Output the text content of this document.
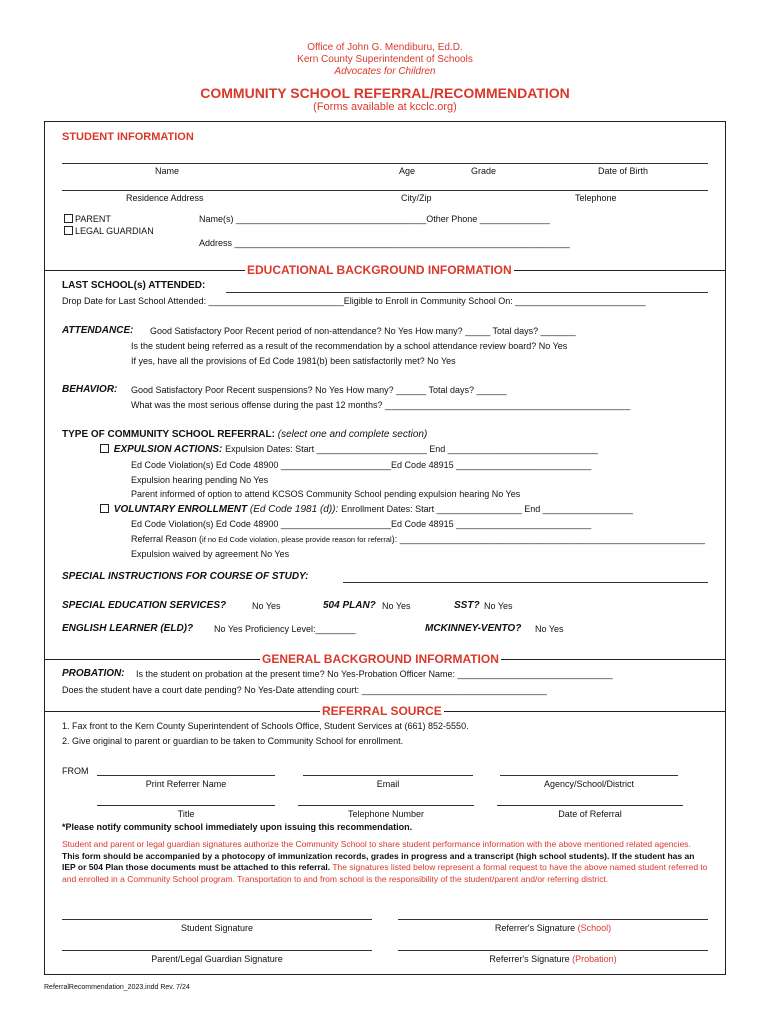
Office of John G. Mendiburu, Ed.D.
Kern County Superintendent of Schools
Advocates for Children
COMMUNITY SCHOOL REFERRAL/RECOMMENDATION
(Forms available at kcclc.org)
STUDENT INFORMATION
Name	Age	Grade	Date of Birth
Residence Address	City/Zip	Telephone
PARENT
LEGAL GUARDIAN
Name(s) ______________________________________Other Phone ______________
Address ___________________________________________________________________
EDUCATIONAL BACKGROUND INFORMATION
LAST SCHOOL(s) ATTENDED:
Drop Date for Last School Attended: ___________________________Eligible to Enroll in Community School On: __________________________
ATTENDANCE: Good Satisfactory Poor Recent period of non-attendance? No Yes How many? _____ Total days? _______
Is the student being referred as a result of the recommendation by a school attendance review board? No Yes
If yes, have all the provisions of Ed Code 1981(b) been satisfactorily met? No Yes
BEHAVIOR: Good Satisfactory Poor Recent suspensions? No Yes How many? ______ Total days? ______
What was the most serious offense during the past 12 months? _________________________________________________
TYPE OF COMMUNITY SCHOOL REFERRAL: (select one and complete section)
EXPULSION ACTIONS: Expulsion Dates: Start ______________________ End ______________________________
Ed Code Violation(s) Ed Code 48900 ______________________Ed Code 48915 ___________________________
Expulsion hearing pending No Yes
Parent informed of option to attend KCSOS Community School pending expulsion hearing No Yes
VOLUNTARY ENROLLMENT (Ed Code 1981 (d)): Enrollment Dates: Start _________________ End __________________
Ed Code Violation(s) Ed Code 48900 ______________________Ed Code 48915 ___________________________
Referral Reason (if no Ed Code violation, please provide reason for referral): _____________________________________________________________
Expulsion waived by agreement No Yes
SPECIAL INSTRUCTIONS FOR COURSE OF STUDY:
SPECIAL EDUCATION SERVICES?	No Yes	504 PLAN? No Yes	SST? No Yes
ENGLISH LEARNER (ELD)? No Yes Proficiency Level:________	MCKINNEY-VENTO? No Yes
GENERAL BACKGROUND INFORMATION
PROBATION: Is the student on probation at the present time? No Yes-Probation Officer Name: _______________________________
Does the student have a court date pending? No Yes-Date attending court: _____________________________________
REFERRAL SOURCE
1. Fax front to the Kern County Superintendent of Schools Office, Student Services at (661) 852-5550.
2. Give original to parent or guardian to be taken to Community School for enrollment.
FROM
Print Referrer Name	Email	Agency/School/District
Title	Telephone Number	Date of Referral
*Please notify community school immediately upon issuing this recommendation.
Student and parent or legal guardian signatures authorize the Community School to share student performance information with the above mentioned related agencies. This form should be accompanied by a photocopy of immunization records, grades in progress and a transcript (high school students). If the student has an IEP or 504 Plan those documents must be attached to this referral. The signatures listed below represent a formal request to have the above named student referred to and enrolled in a Community School program. Transportation to and from school is the responsibility of the student/parent and/or referring district.
Student Signature	Referrer's Signature (School)
Parent/Legal Guardian Signature	Referrer's Signature (Probation)
ReferralRecommendation_2023.indd Rev. 7/24
